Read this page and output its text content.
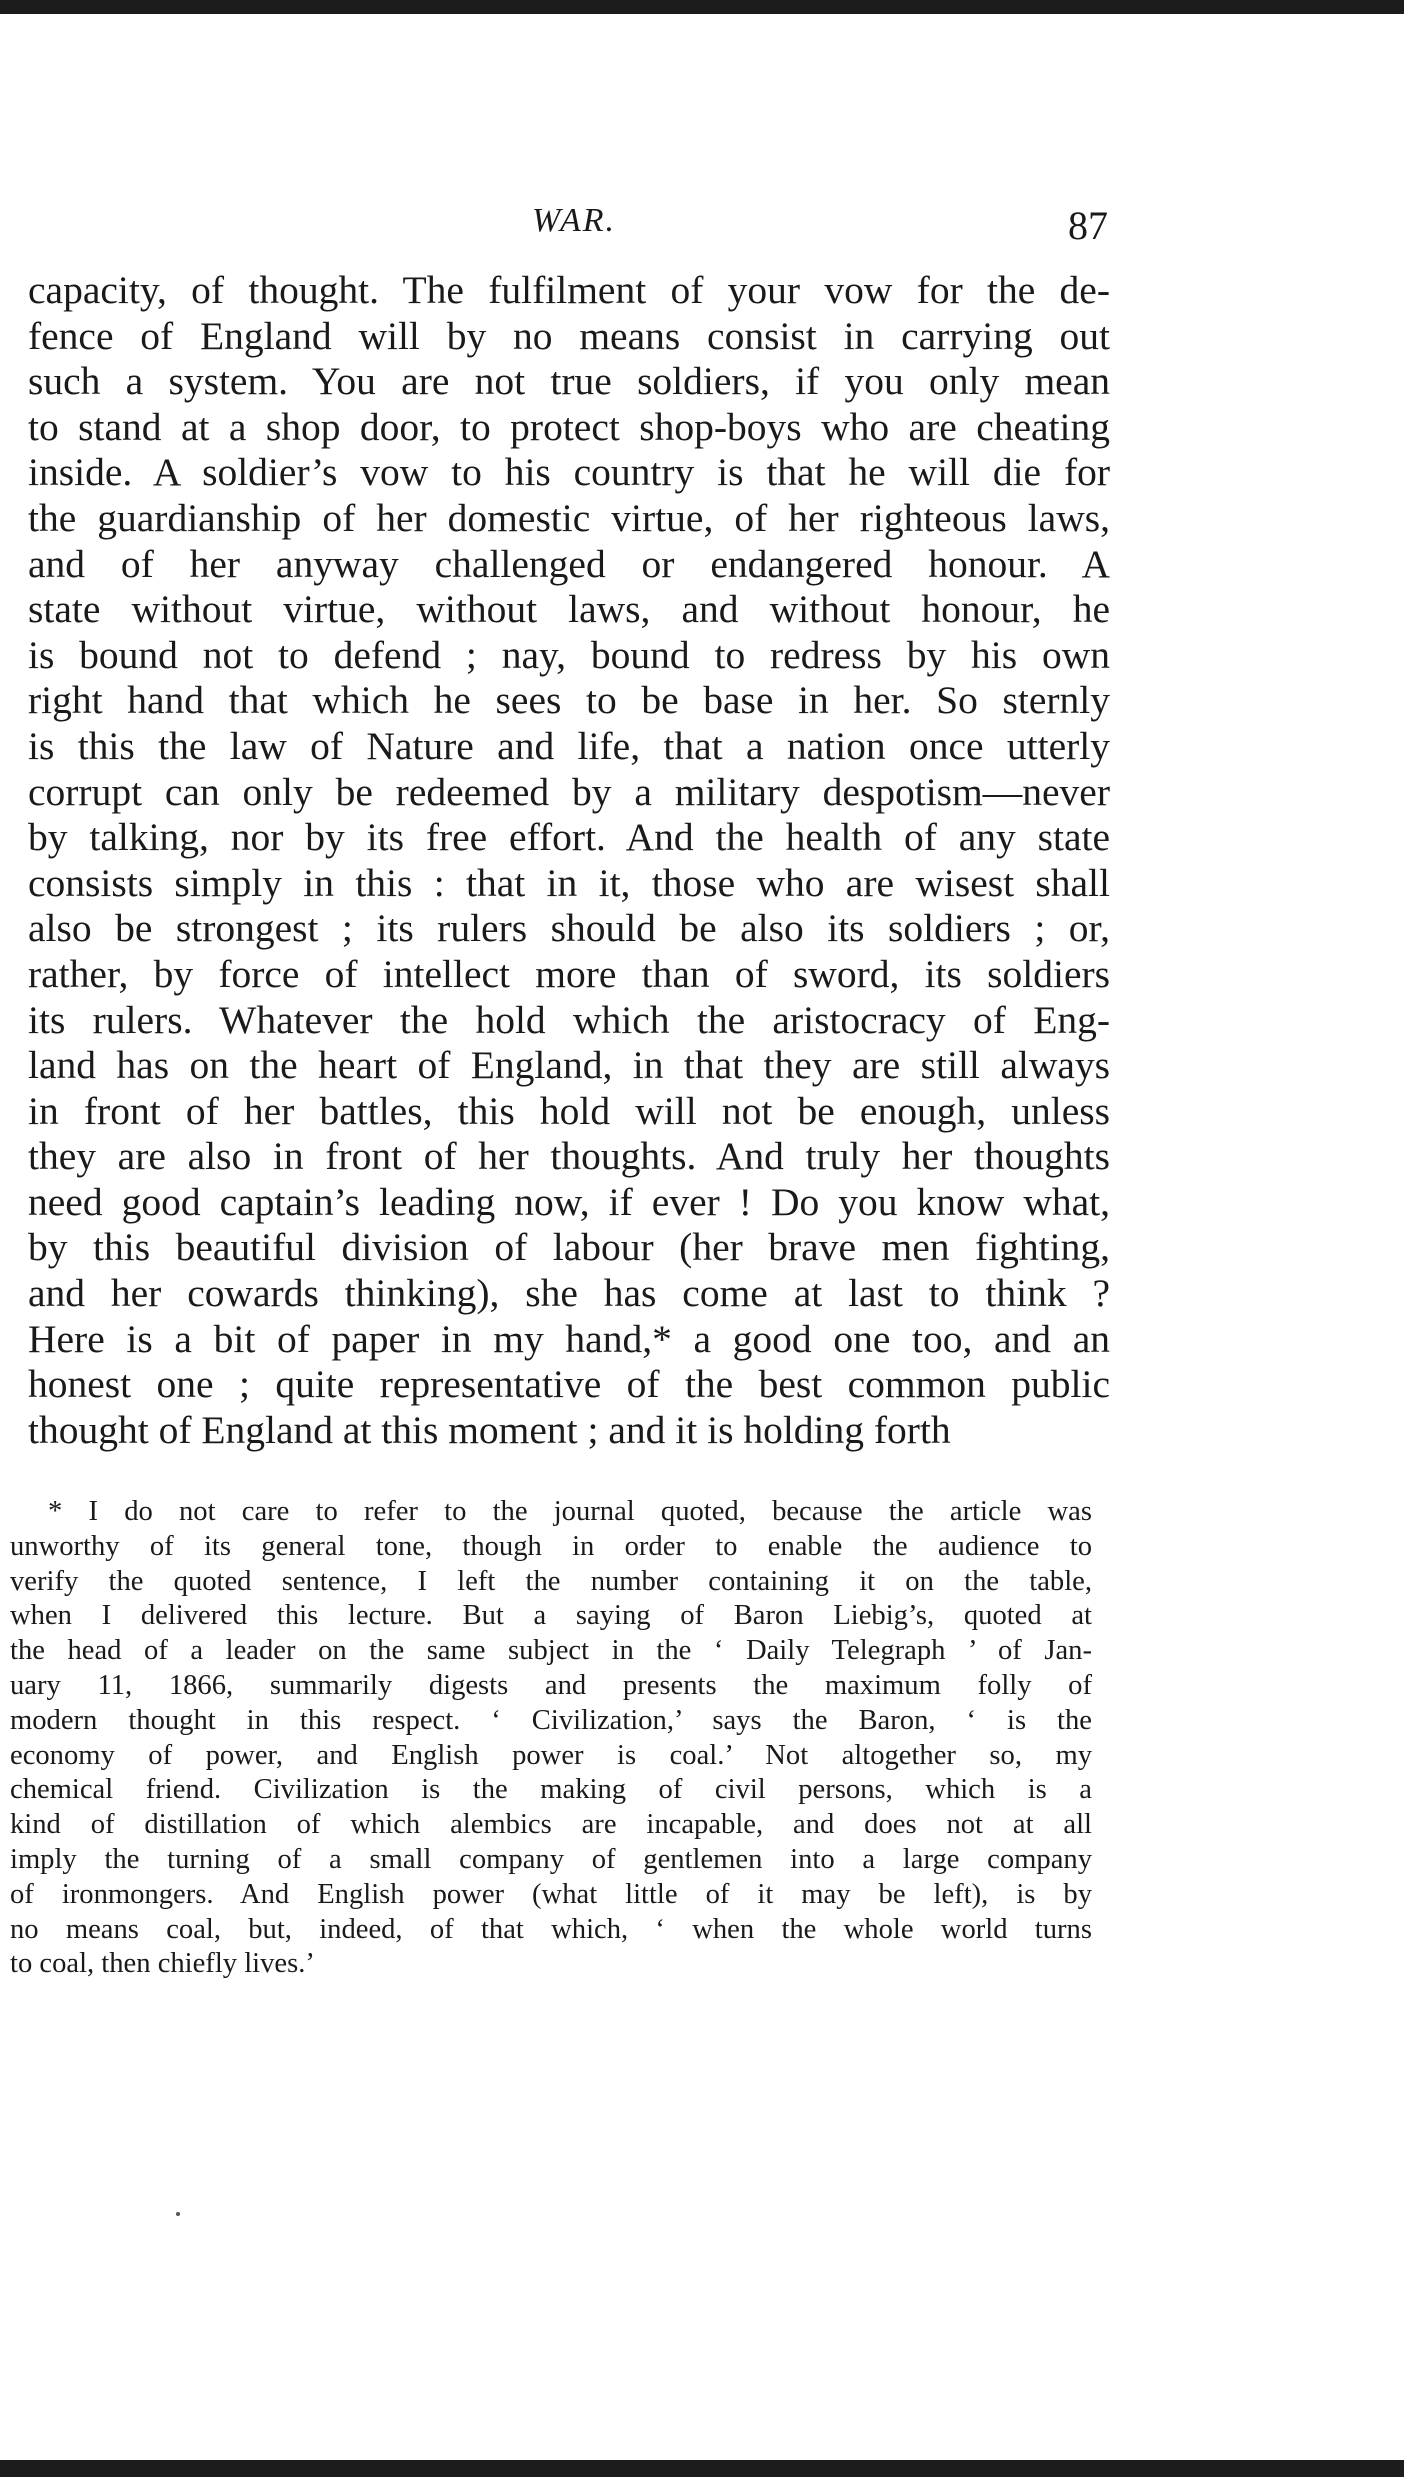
WAR.	87
capacity, of thought. The fulfilment of your vow for the de-
fence of England will by no means consist in carrying out
such a system. You are not true soldiers, if you only mean
to stand at a shop door, to protect shop-boys who are cheating
inside. A soldier’s vow to his country is that he will die for
the guardianship of her domestic virtue, of her righteous laws,
and of her anyway challenged or endangered honour. A
state without virtue, without laws, and without honour, he
is bound not to defend ; nay, bound to redress by his own
right hand that which he sees to be base in her. So sternly
is this the law of Nature and life, that a nation once utterly
corrupt can only be redeemed by a military despotism—never
by talking, nor by its free effort. And the health of any state
consists simply in this : that in it, those who are wisest shall
also be strongest ; its rulers should be also its soldiers ; or,
rather, by force of intellect more than of sword, its soldiers
its rulers. Whatever the hold which the aristocracy of Eng-
land has on the heart of England, in that they are still always
in front of her battles, this hold will not be enough, unless
they are also in front of her thoughts. And truly her thoughts
need good captain’s leading now, if ever ! Do you know what,
by this beautiful division of labour (her brave men fighting,
and her cowards thinking), she has come at last to think ?
Here is a bit of paper in my hand,* a good one too, and an
honest one ; quite representative of the best common public
thought of England at this moment ; and it is holding forth
* I do not care to refer to the journal quoted, because the article was
unworthy of its general tone, though in order to enable the audience to
verify the quoted sentence, I left the number containing it on the table,
when I delivered this lecture. But a saying of Baron Liebig’s, quoted at
the head of a leader on the same subject in the ‘ Daily Telegraph ’ of Jan-
uary 11, 1866, summarily digests and presents the maximum folly of
modern thought in this respect. ‘ Civilization,’ says the Baron, ‘ is the
economy of power, and English power is coal.’ Not altogether so, my
chemical friend. Civilization is the making of civil persons, which is a
kind of distillation of which alembics are incapable, and does not at all
imply the turning of a small company of gentlemen into a large company
of ironmongers. And English power (what little of it may be left), is by
no means coal, but, indeed, of that which, ‘ when the whole world turns
to coal, then chiefly lives.’
